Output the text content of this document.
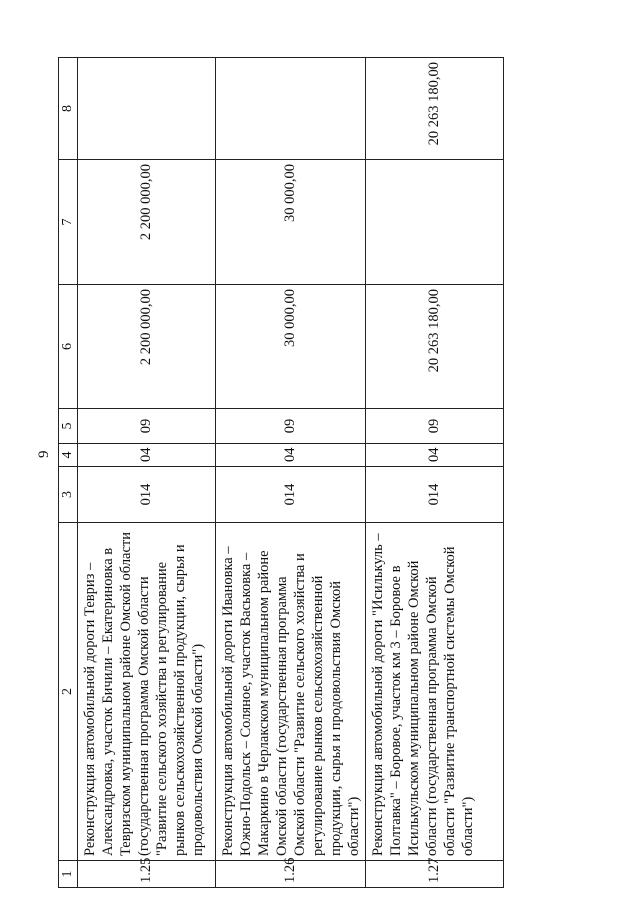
9
1	2	3	4	5	6	7	8
1.25	Реконструкция автомобильной дороги Тевриз – Александровка, участок Бичили – Екатериновка в Тевризском муниципальном районе Омской области (государственная программа Омской области "Развитие сельского хозяйства и регулирование рынков сельскохозяйственной продукции, сырья и продовольствия Омской области")	014	04	09	2 200 000,00	2 200 000,00	
1.26	Реконструкция автомобильной дороги Ивановка – Южно-Подольск – Соляное, участок Васьковка – Макаркино в Черлакском муниципальном районе Омской области (государственная программа Омской области "Развитие сельского хозяйства и регулирование рынков сельскохозяйственной продукции, сырья и продовольствия Омской области")	014	04	09	30 000,00	30 000,00	
1.27	Реконструкция автомобильной дороги "Исилькуль – Полтавка" – Боровое, участок км 3 – Боровое в Исилькульском муниципальном районе Омской области (государственная программа Омской области "Развитие транспортной системы Омской области")	014	04	09	20 263 180,00		20 263 180,00
